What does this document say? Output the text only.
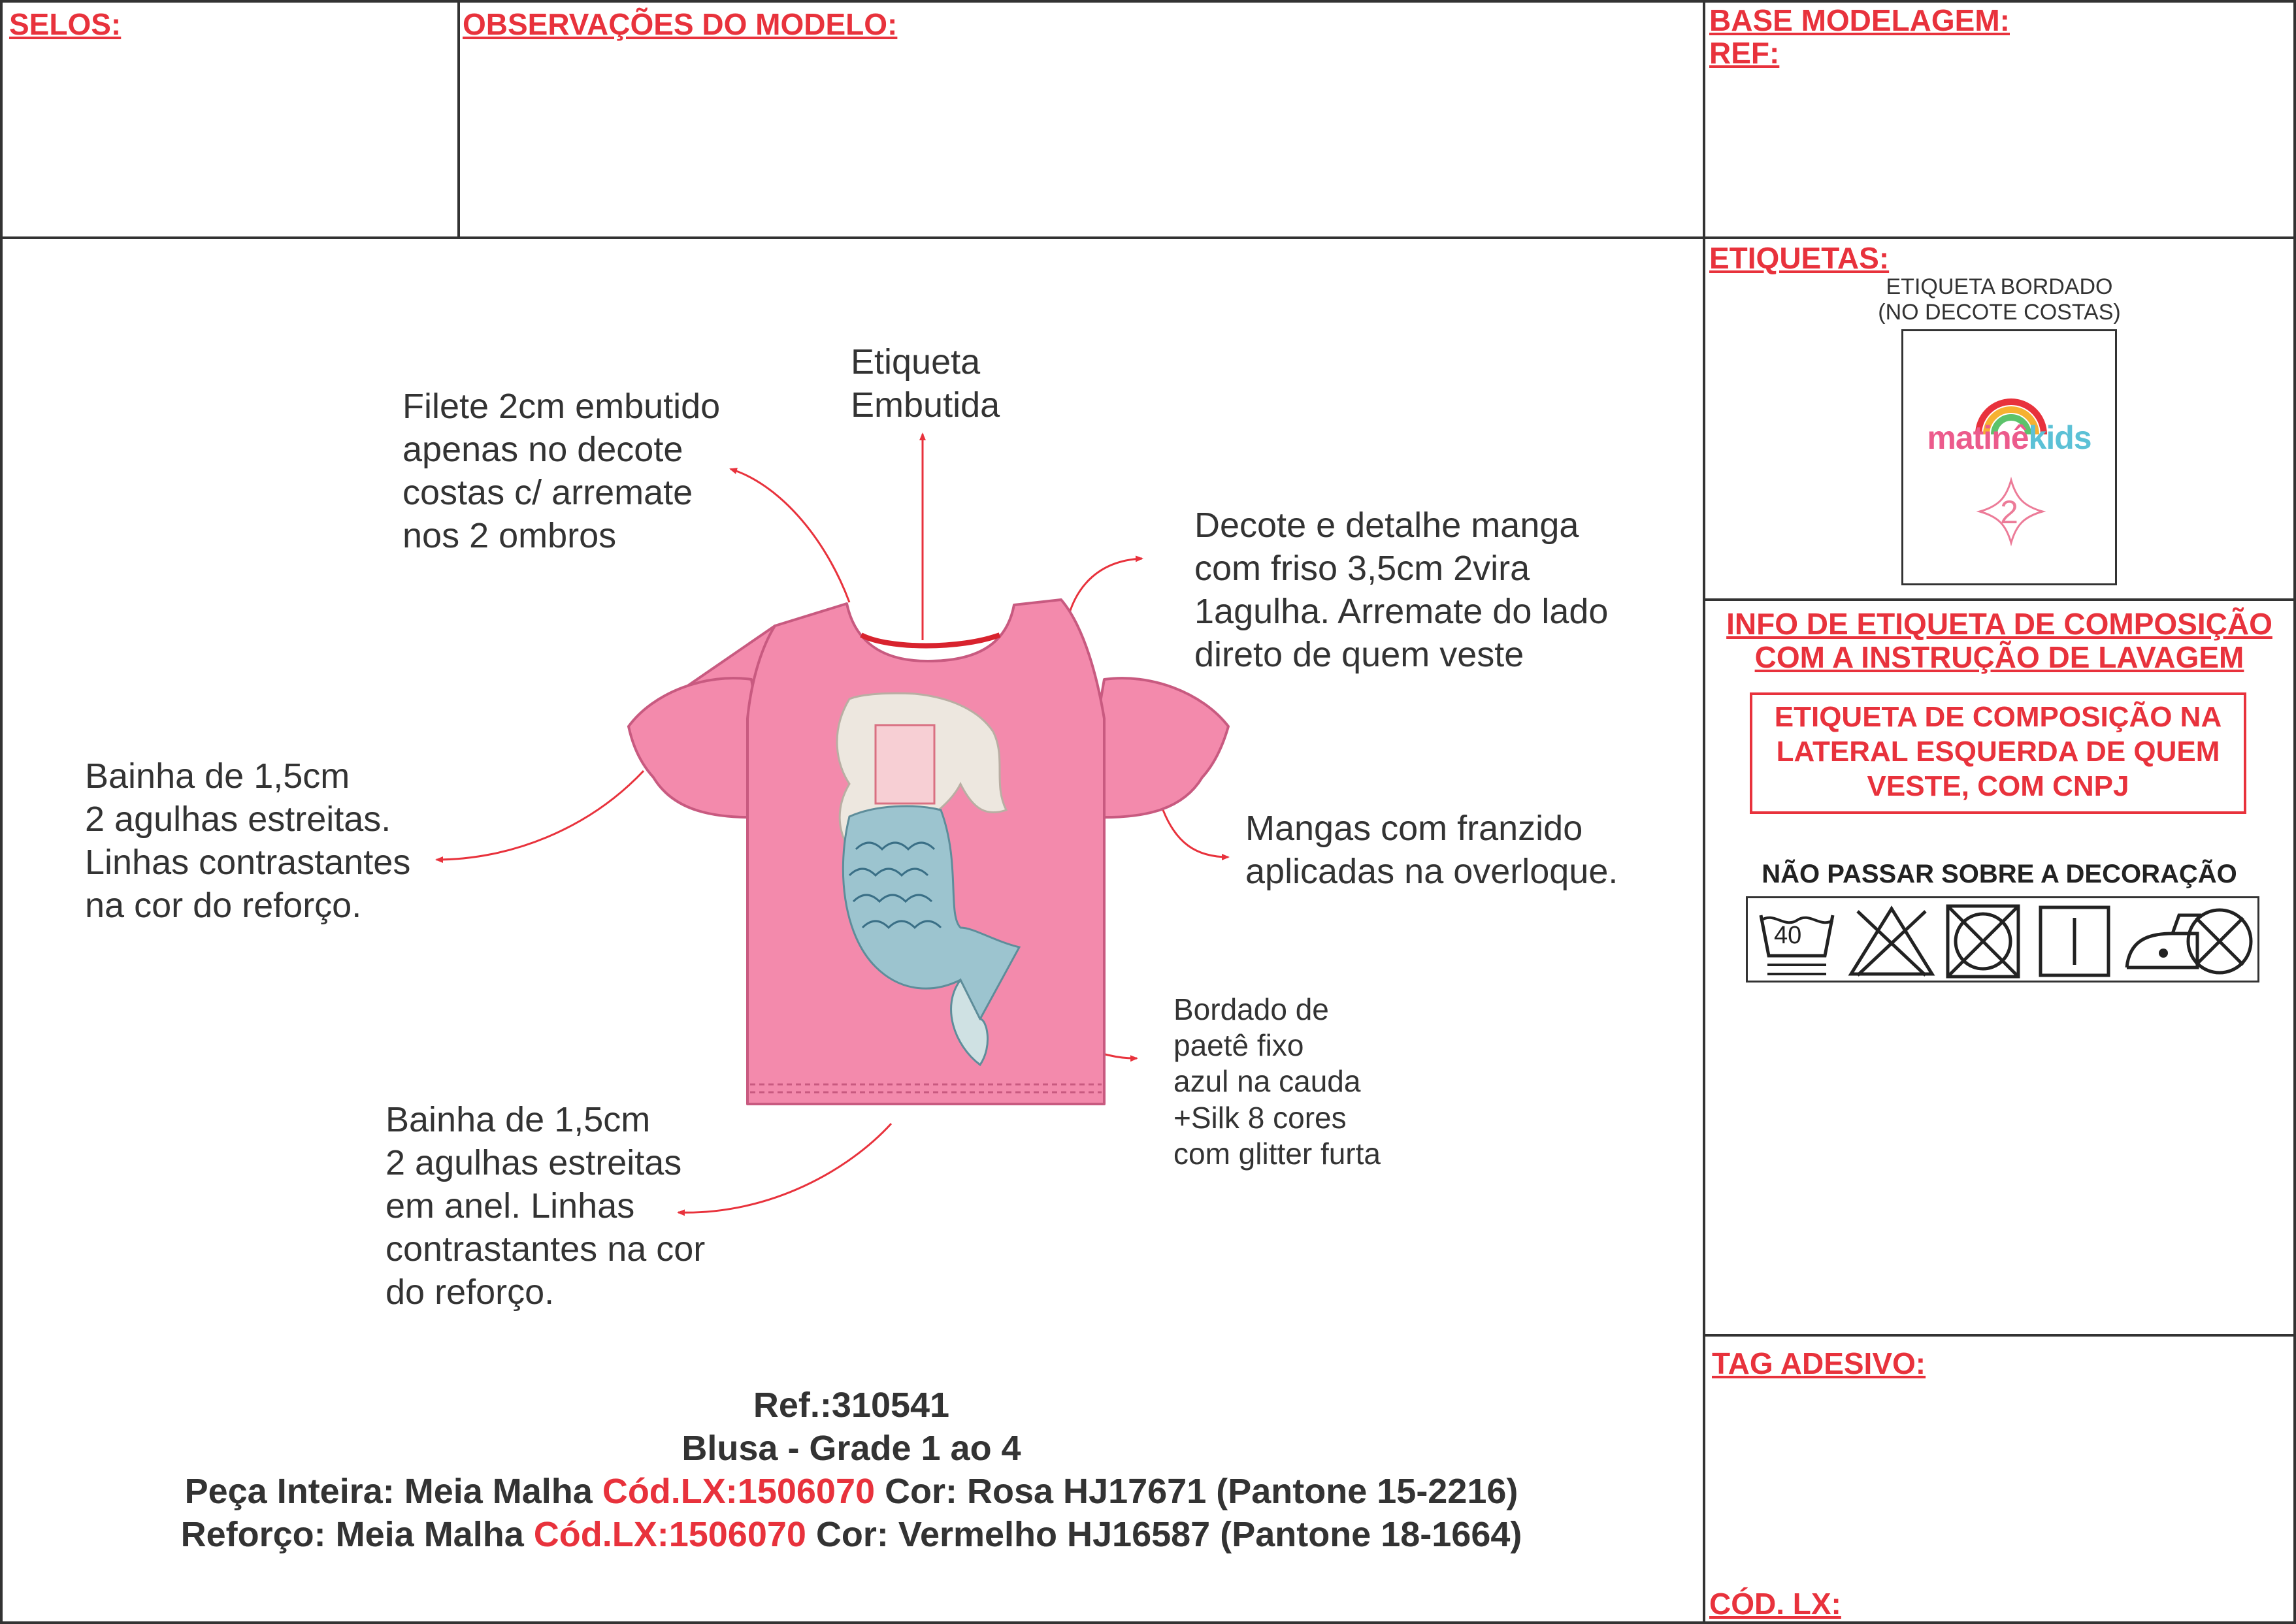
SELOS:	OBSERVAÇÕES DO MODELO:	BASE MODELAGEM:
REF:
ETIQUETAS:
TAG ADESIVO:
CÓD. LX:
Filete 2cm embutido
apenas no decote
costas c/ arremate
nos 2 ombros
Etiqueta
Embutida
Decote e detalhe manga
com friso 3,5cm 2vira
1agulha. Arremate do lado
direto de quem veste
Bainha de 1,5cm
2 agulhas estreitas.
Linhas contrastantes
na cor do reforço.
Mangas com franzido
aplicadas na overloque.
Bordado de
paetê fixo
azul na cauda
+Silk 8 cores
com glitter furta
Bainha de 1,5cm
2 agulhas estreitas
em anel. Linhas
contrastantes na cor
do reforço.
Ref.:310541
Blusa - Grade 1 ao 4
Peça Inteira: Meia Malha Cód.LX:1506070 Cor: Rosa HJ17671 (Pantone 15-2216)
Reforço: Meia Malha Cód.LX:1506070 Cor: Vermelho HJ16587 (Pantone 18-1664)
ETIQUETA BORDADO
(NO DECOTE COSTAS)
matinêkids
2
INFO DE ETIQUETA DE COMPOSIÇÃO
COM A INSTRUÇÃO DE LAVAGEM
ETIQUETA DE COMPOSIÇÃO NA
LATERAL ESQUERDA DE QUEM
VESTE, COM CNPJ
NÃO PASSAR SOBRE A DECORAÇÃO
40
